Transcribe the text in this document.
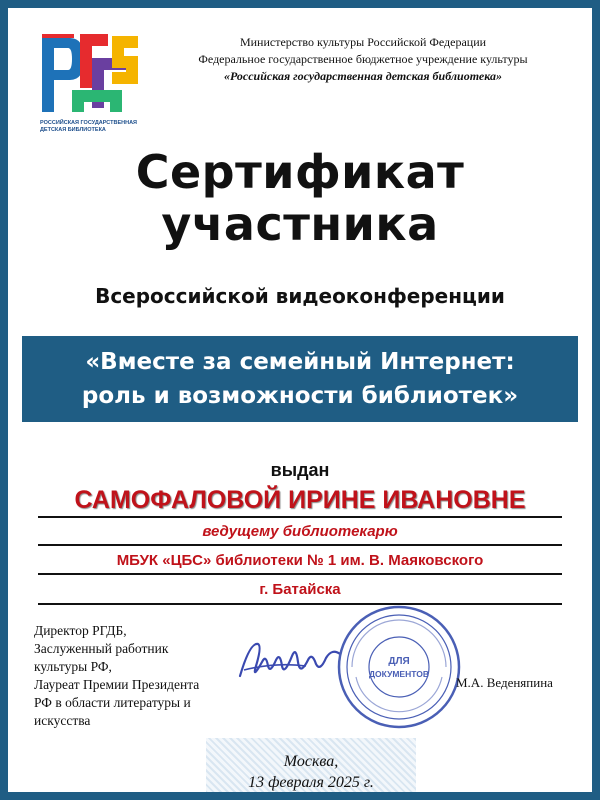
РОССИЙСКАЯ ГОСУДАРСТВЕННАЯ
ДЕТСКАЯ БИБЛИОТЕКА
Министерство культуры Российской Федерации
Федеральное государственное бюджетное учреждение культуры
«Российская государственная детская библиотека»
Сертификат
участника
Всероссийской видеоконференции
«Вместе за семейный Интернет:
роль и возможности библиотек»
выдан
САМОФАЛОВОЙ ИРИНЕ ИВАНОВНЕ
ведущему библиотекарю
МБУК «ЦБС» библиотеки № 1 им. В. Маяковского
г. Батайска
Директор РГДБ,
Заслуженный работник
культуры РФ,
Лауреат Премии Президента
РФ в области литературы и
искусства
ДЛЯ
ДОКУМЕНТОВ
М.А. Веденяпина
Москва,
13 февраля 2025 г.
